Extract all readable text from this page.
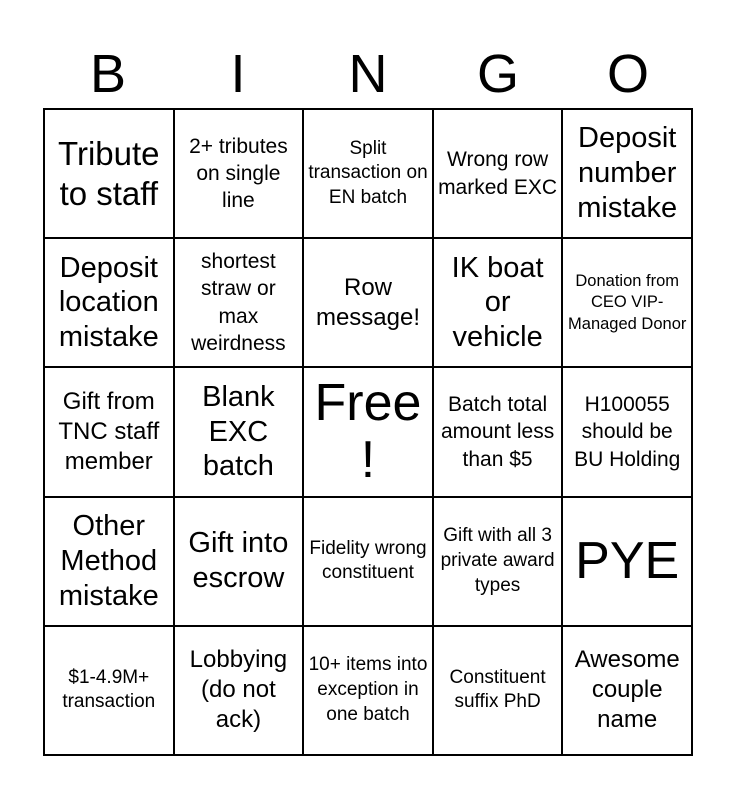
B	I	N	G	O
Tribute to staff
2+ tributes on single line
Split transaction on EN batch
Wrong row marked EXC
Deposit number mistake
Deposit location mistake
shortest straw or max weirdness
Row message!
IK boat or vehicle
Donation from CEO VIP-Managed Donor
Gift from TNC staff member
Blank EXC batch
Free!
Batch total amount less than $5
H100055 should be BU Holding
Other Method mistake
Gift into escrow
Fidelity wrong constituent
Gift with all 3 private award types	PYE
$1-4.9M+ transaction
Lobbying (do not ack)
10+ items into exception in one batch
Constituent suffix PhD
Awesome couple name
